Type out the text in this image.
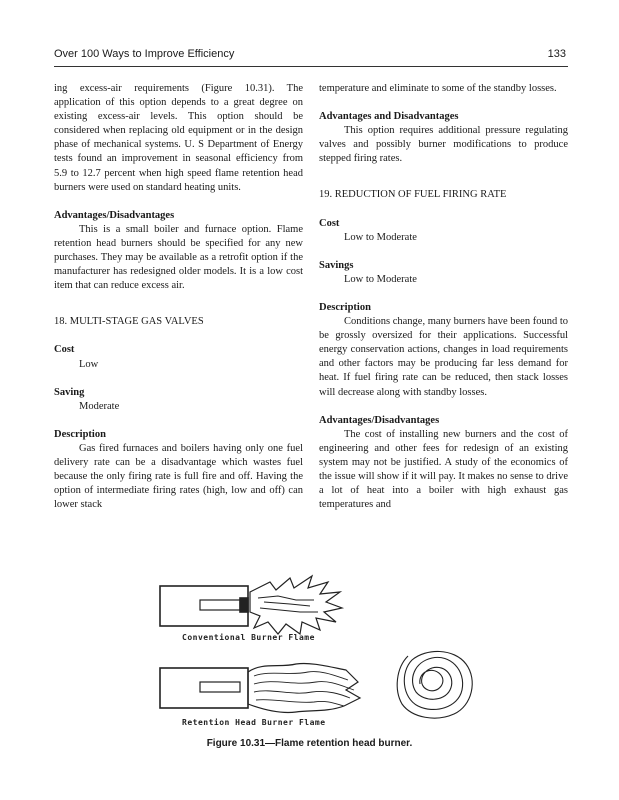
Over 100 Ways to Improve Efficiency	133

ing excess-air requirements (Figure 10.31). The application of this option depends to a great degree on existing excess-air levels. This option should be considered when replacing old equipment or in the design phase of mechanical systems. U. S Department of Energy tests found an improvement in seasonal efficiency from 5.9 to 12.7 percent when high speed flame retention head burners were used on standard heating units.

Advantages/Disadvantages

This is a small boiler and furnace option. Flame retention head burners should be specified for any new purchases. They may be available as a retrofit option if the manufacturer has redesigned older models. It is a low cost item that can reduce excess air.

18. MULTI-STAGE GAS VALVES

Cost

Low

Saving

Moderate

Description

Gas fired furnaces and boilers having only one fuel delivery rate can be a disadvantage which wastes fuel because the only firing rate is full fire and off. Having the option of intermediate firing rates (high, low and off) can lower stack

temperature and eliminate to some of the standby losses.

Advantages and Disadvantages

This option requires additional pressure regulating valves and possibly burner modifications to produce stepped firing rates.

19. REDUCTION OF FUEL FIRING RATE

Cost

Low to Moderate

Savings

Low to Moderate

Description

Conditions change, many burners have been found to be grossly oversized for their applications. Successful energy conservation actions, changes in load requirements and other factors may be producing far less demand for heat. If fuel firing rate can be reduced, then stack losses will decrease along with standby losses.

Advantages/Disadvantages

The cost of installing new burners and the cost of engineering and other fees for redesign of an existing system may not be justified. A study of the economics of the issue will show if it will pay. It makes no sense to drive a lot of heat into a boiler with high exhaust gas temperatures and

Conventional Burner Flame
Retention Head Burner Flame
Figure 10.31—Flame retention head burner.
